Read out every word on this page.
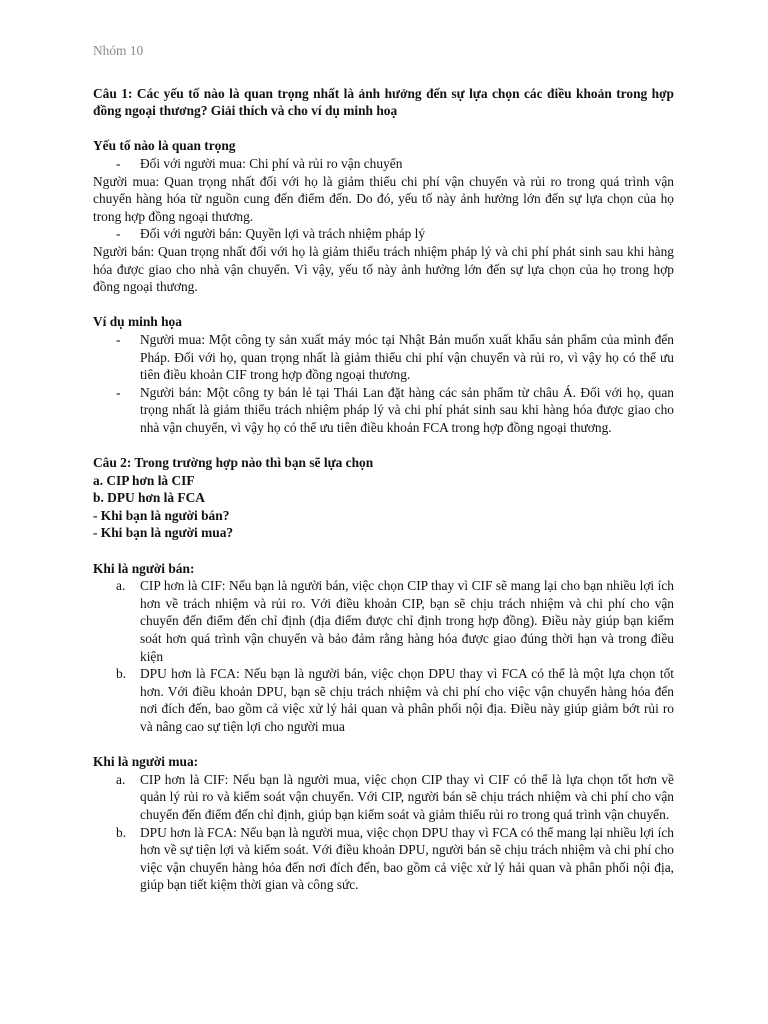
Nhóm 10

Câu 1: Các yếu tố nào là quan trọng nhất là ảnh hưởng đến sự lựa chọn các điều khoản trong hợp đồng ngoại thương? Giải thích và cho ví dụ minh hoạ

Yếu tố nào là quan trọng

- Đối với người mua: Chi phí và rủi ro vận chuyển

Người mua: Quan trọng nhất đối với họ là giảm thiểu chi phí vận chuyển và rủi ro trong quá trình vận chuyển hàng hóa từ nguồn cung đến điểm đến. Do đó, yếu tố này ảnh hưởng lớn đến sự lựa chọn của họ trong hợp đồng ngoại thương.

- Đối với người bán: Quyền lợi và trách nhiệm pháp lý

Người bán: Quan trọng nhất đối với họ là giảm thiểu trách nhiệm pháp lý và chi phí phát sinh sau khi hàng hóa được giao cho nhà vận chuyển. Vì vậy, yếu tố này ảnh hưởng lớn đến sự lựa chọn của họ trong hợp đồng ngoại thương.

Ví dụ minh họa

- Người mua: Một công ty sản xuất máy móc tại Nhật Bản muốn xuất khẩu sản phẩm của mình đến Pháp. Đối với họ, quan trọng nhất là giảm thiểu chi phí vận chuyển và rủi ro, vì vậy họ có thể ưu tiên điều khoản CIF trong hợp đồng ngoại thương.
- Người bán: Một công ty bán lẻ tại Thái Lan đặt hàng các sản phẩm từ châu Á. Đối với họ, quan trọng nhất là giảm thiểu trách nhiệm pháp lý và chi phí phát sinh sau khi hàng hóa được giao cho nhà vận chuyển, vì vậy họ có thể ưu tiên điều khoản FCA trong hợp đồng ngoại thương.

Câu 2: Trong trường hợp nào thì bạn sẽ lựa chọn

a. CIP hơn là CIF

b. DPU hơn là FCA

- Khi bạn là người bán?

- Khi bạn là người mua?

Khi là người bán:

a. CIP hơn là CIF: Nếu bạn là người bán, việc chọn CIP thay vì CIF sẽ mang lại cho bạn nhiều lợi ích hơn về trách nhiệm và rủi ro. Với điều khoản CIP, bạn sẽ chịu trách nhiệm và chi phí cho vận chuyển đến điểm đến chỉ định (địa điểm được chỉ định trong hợp đồng). Điều này giúp bạn kiểm soát hơn quá trình vận chuyển và bảo đảm rằng hàng hóa được giao đúng thời hạn và trong điều kiện
b. DPU hơn là FCA: Nếu bạn là người bán, việc chọn DPU thay vì FCA có thể là một lựa chọn tốt hơn. Với điều khoản DPU, bạn sẽ chịu trách nhiệm và chi phí cho việc vận chuyển hàng hóa đến nơi đích đến, bao gồm cả việc xử lý hải quan và phân phối nội địa. Điều này giúp giảm bớt rủi ro và nâng cao sự tiện lợi cho người mua

Khi là người mua:

a. CIP hơn là CIF: Nếu bạn là người mua, việc chọn CIP thay vì CIF có thể là lựa chọn tốt hơn về quản lý rủi ro và kiểm soát vận chuyển. Với CIP, người bán sẽ chịu trách nhiệm và chi phí cho vận chuyển đến điểm đến chỉ định, giúp bạn kiểm soát và giảm thiểu rủi ro trong quá trình vận chuyển.
b. DPU hơn là FCA: Nếu bạn là người mua, việc chọn DPU thay vì FCA có thể mang lại nhiều lợi ích hơn về sự tiện lợi và kiểm soát. Với điều khoản DPU, người bán sẽ chịu trách nhiệm và chi phí cho việc vận chuyển hàng hóa đến nơi đích đến, bao gồm cả việc xử lý hải quan và phân phối nội địa, giúp bạn tiết kiệm thời gian và công sức.
